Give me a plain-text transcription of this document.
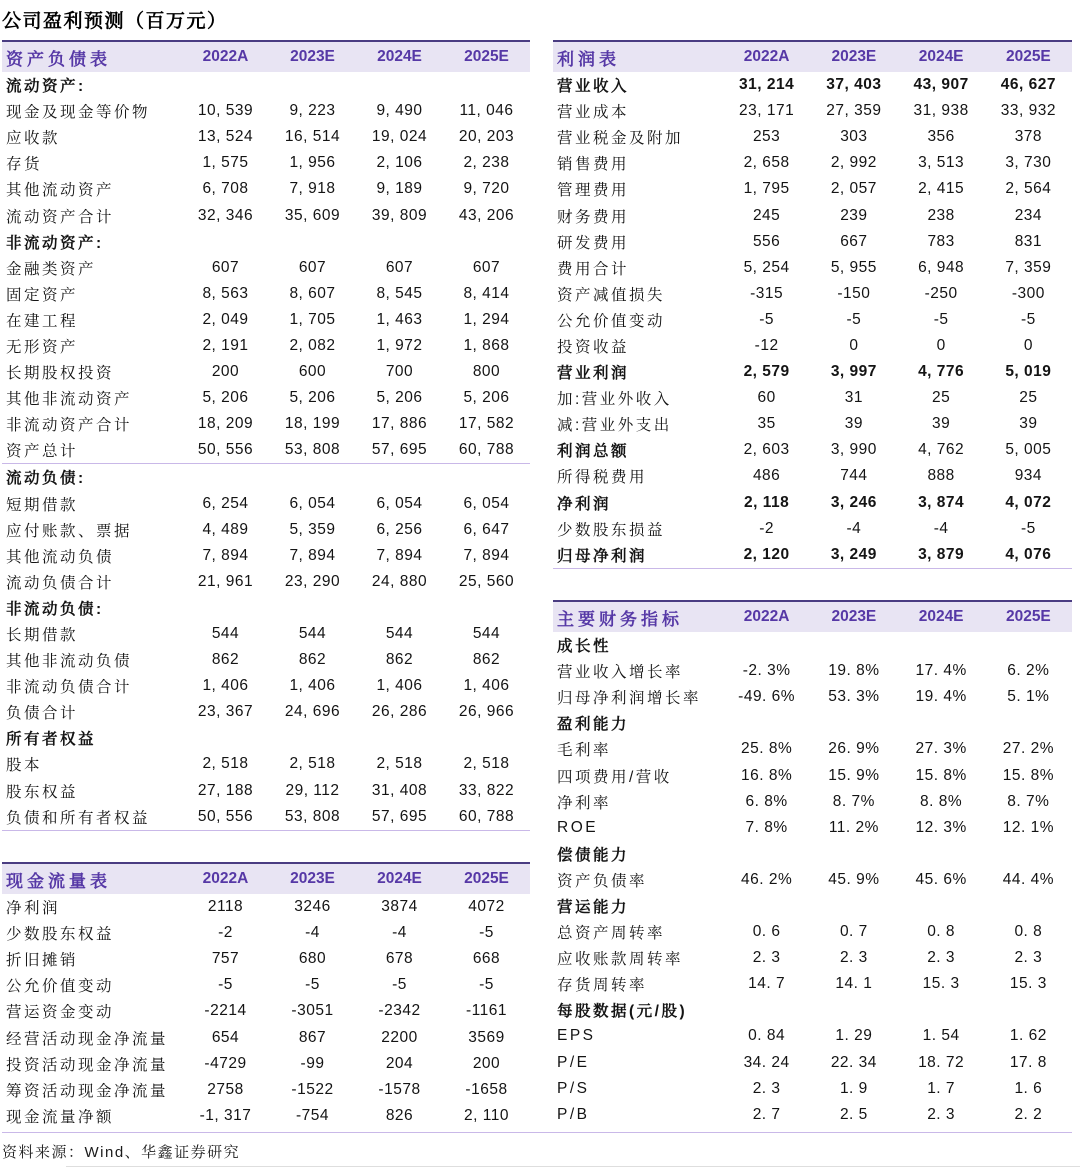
公司盈利预测（百万元）
资产负债表	2022A	2023E	2024E	2025E
流动资产:
现金及现金等价物	10, 539	9, 223	9, 490	11, 046
应收款	13, 524	16, 514	19, 024	20, 203
存货	1, 575	1, 956	2, 106	2, 238
其他流动资产	6, 708	7, 918	9, 189	9, 720
流动资产合计	32, 346	35, 609	39, 809	43, 206
非流动资产:
金融类资产	607	607	607	607
固定资产	8, 563	8, 607	8, 545	8, 414
在建工程	2, 049	1, 705	1, 463	1, 294
无形资产	2, 191	2, 082	1, 972	1, 868
长期股权投资	200	600	700	800
其他非流动资产	5, 206	5, 206	5, 206	5, 206
非流动资产合计	18, 209	18, 199	17, 886	17, 582
资产总计	50, 556	53, 808	57, 695	60, 788
流动负债:
短期借款	6, 254	6, 054	6, 054	6, 054
应付账款、票据	4, 489	5, 359	6, 256	6, 647
其他流动负债	7, 894	7, 894	7, 894	7, 894
流动负债合计	21, 961	23, 290	24, 880	25, 560
非流动负债:
长期借款	544	544	544	544
其他非流动负债	862	862	862	862
非流动负债合计	1, 406	1, 406	1, 406	1, 406
负债合计	23, 367	24, 696	26, 286	26, 966
所有者权益
股本	2, 518	2, 518	2, 518	2, 518
股东权益	27, 188	29, 112	31, 408	33, 822
负债和所有者权益	50, 556	53, 808	57, 695	60, 788
利润表	2022A	2023E	2024E	2025E
营业收入	31, 214	37, 403	43, 907	46, 627
营业成本	23, 171	27, 359	31, 938	33, 932
营业税金及附加	253	303	356	378
销售费用	2, 658	2, 992	3, 513	3, 730
管理费用	1, 795	2, 057	2, 415	2, 564
财务费用	245	239	238	234
研发费用	556	667	783	831
费用合计	5, 254	5, 955	6, 948	7, 359
资产减值损失	-315	-150	-250	-300
公允价值变动	-5	-5	-5	-5
投资收益	-12	0	0	0
营业利润	2, 579	3, 997	4, 776	5, 019
加:营业外收入	60	31	25	25
减:营业外支出	35	39	39	39
利润总额	2, 603	3, 990	4, 762	5, 005
所得税费用	486	744	888	934
净利润	2, 118	3, 246	3, 874	4, 072
少数股东损益	-2	-4	-4	-5
归母净利润	2, 120	3, 249	3, 879	4, 076
现金流量表	2022A	2023E	2024E	2025E
净利润	2118	3246	3874	4072
少数股东权益	-2	-4	-4	-5
折旧摊销	757	680	678	668
公允价值变动	-5	-5	-5	-5
营运资金变动	-2214	-3051	-2342	-1161
经营活动现金净流量	654	867	2200	3569
投资活动现金净流量	-4729	-99	204	200
筹资活动现金净流量	2758	-1522	-1578	-1658
现金流量净额	-1, 317	-754	826	2, 110
主要财务指标	2022A	2023E	2024E	2025E
成长性
营业收入增长率	-2. 3%	19. 8%	17. 4%	6. 2%
归母净利润增长率	-49. 6%	53. 3%	19. 4%	5. 1%
盈利能力
毛利率	25. 8%	26. 9%	27. 3%	27. 2%
四项费用/营收	16. 8%	15. 9%	15. 8%	15. 8%
净利率	6. 8%	8. 7%	8. 8%	8. 7%
ROE	7. 8%	11. 2%	12. 3%	12. 1%
偿债能力
资产负债率	46. 2%	45. 9%	45. 6%	44. 4%
营运能力
总资产周转率	0. 6	0. 7	0. 8	0. 8
应收账款周转率	2. 3	2. 3	2. 3	2. 3
存货周转率	14. 7	14. 1	15. 3	15. 3
每股数据(元/股)
EPS	0. 84	1. 29	1. 54	1. 62
P/E	34. 24	22. 34	18. 72	17. 8
P/S	2. 3	1. 9	1. 7	1. 6
P/B	2. 7	2. 5	2. 3	2. 2
资料来源：Wind、华鑫证券研究
